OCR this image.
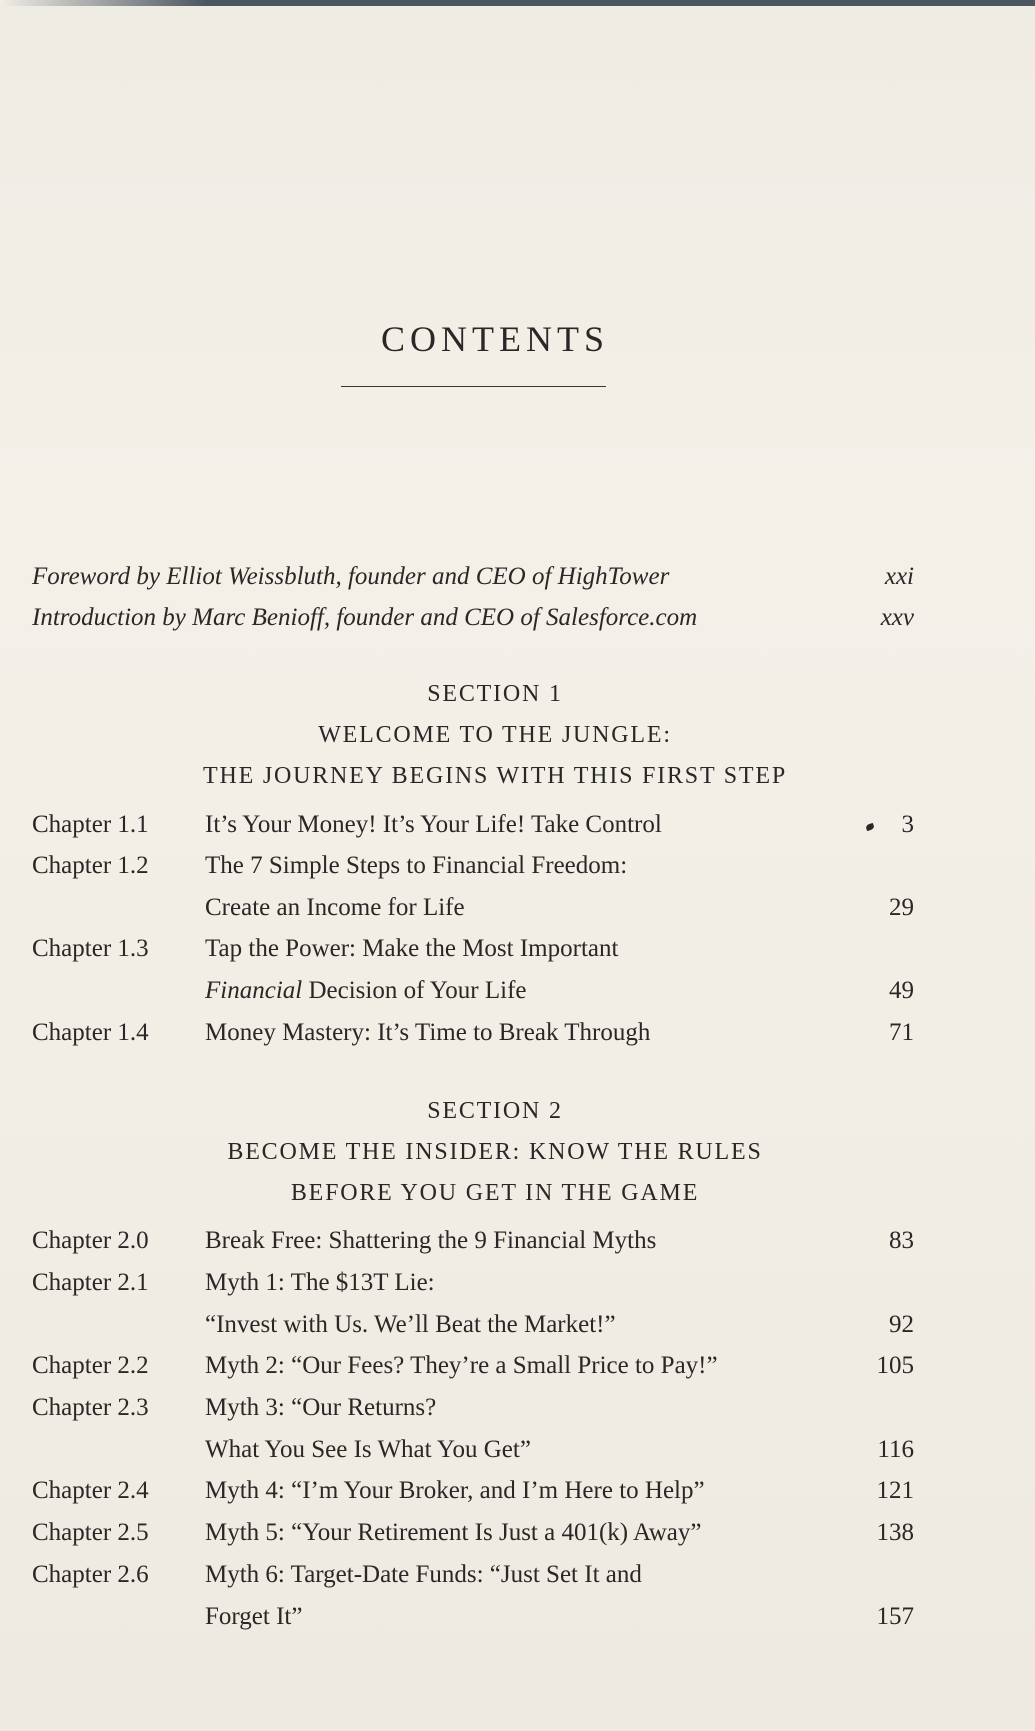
CONTENTS
Foreword by Elliot Weissbluth, founder and CEO of HighTower	xxi
Introduction by Marc Benioff, founder and CEO of Salesforce.com	xxv
SECTION 1
WELCOME TO THE JUNGLE:
THE JOURNEY BEGINS WITH THIS FIRST STEP
Chapter 1.1 It’s Your Money! It’s Your Life! Take Control	3
Chapter 1.2 The 7 Simple Steps to Financial Freedom:
Create an Income for Life	29
Chapter 1.3 Tap the Power: Make the Most Important
Financial Decision of Your Life	49
Chapter 1.4 Money Mastery: It’s Time to Break Through	71
SECTION 2
BECOME THE INSIDER: KNOW THE RULES
BEFORE YOU GET IN THE GAME
Chapter 2.0 Break Free: Shattering the 9 Financial Myths	83
Chapter 2.1 Myth 1: The $13T Lie:
“Invest with Us. We’ll Beat the Market!”	92
Chapter 2.2 Myth 2: “Our Fees? They’re a Small Price to Pay!”	105
Chapter 2.3 Myth 3: “Our Returns?
What You See Is What You Get”	116
Chapter 2.4 Myth 4: “I’m Your Broker, and I’m Here to Help”	121
Chapter 2.5 Myth 5: “Your Retirement Is Just a 401(k) Away”	138
Chapter 2.6 Myth 6: Target-Date Funds: “Just Set It and
Forget It”	157
